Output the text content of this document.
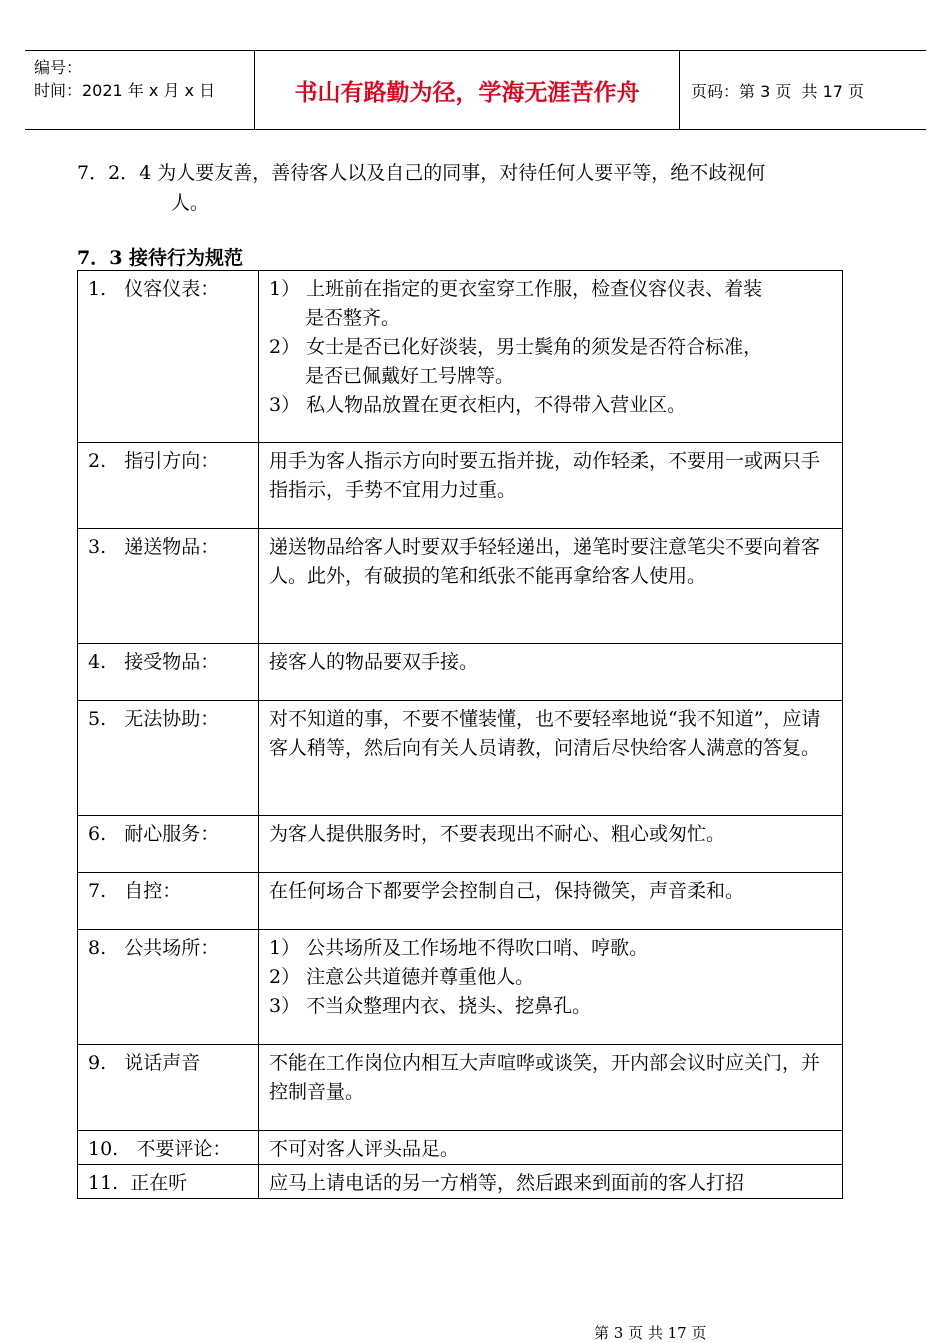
编号：
时间：2021 年 x 月 x 日	书山有路勤为径，学海无涯苦作舟	页码：第 3 页  共 17 页
7．2．4 为人要友善，善待客人以及自己的同事，对待任何人要平等，绝不歧视何
人。
7．3 接待行为规范
1.   仪容仪表：	1） 上班前在指定的更衣室穿工作服，检查仪容仪表、着装
是否整齐。
2） 女士是否已化好淡装，男士鬓角的须发是否符合标准，
是否已佩戴好工号牌等。
3） 私人物品放置在更衣柜内，不得带入营业区。

2.   指引方向：	用手为客人指示方向时要五指并拢，动作轻柔，不要用一或两只手指指示，手势不宜用力过重。
3.   递送物品：	递送物品给客人时要双手轻轻递出，递笔时要注意笔尖不要向着客人。此外，有破损的笔和纸张不能再拿给客人使用。
4.   接受物品：	接客人的物品要双手接。
5.   无法协助：	对不知道的事，不要不懂装懂，也不要轻率地说“我不知道”，应请客人稍等，然后向有关人员请教，问清后尽快给客人满意的答复。
6.   耐心服务：	为客人提供服务时，不要表现出不耐心、粗心或匆忙。
7.   自控：	在任何场合下都要学会控制自己，保持微笑，声音柔和。
8.   公共场所：	1） 公共场所及工作场地不得吹口哨、哼歌。
2） 注意公共道德并尊重他人。
3） 不当众整理内衣、挠头、挖鼻孔。

9.   说话声音	不能在工作岗位内相互大声喧哗或谈笑，开内部会议时应关门，并控制音量。
10.   不要评论：	不可对客人评头品足。
11.  正在听	应马上请电话的另一方梢等，然后跟来到面前的客人打招
第 3 页 共 17 页
